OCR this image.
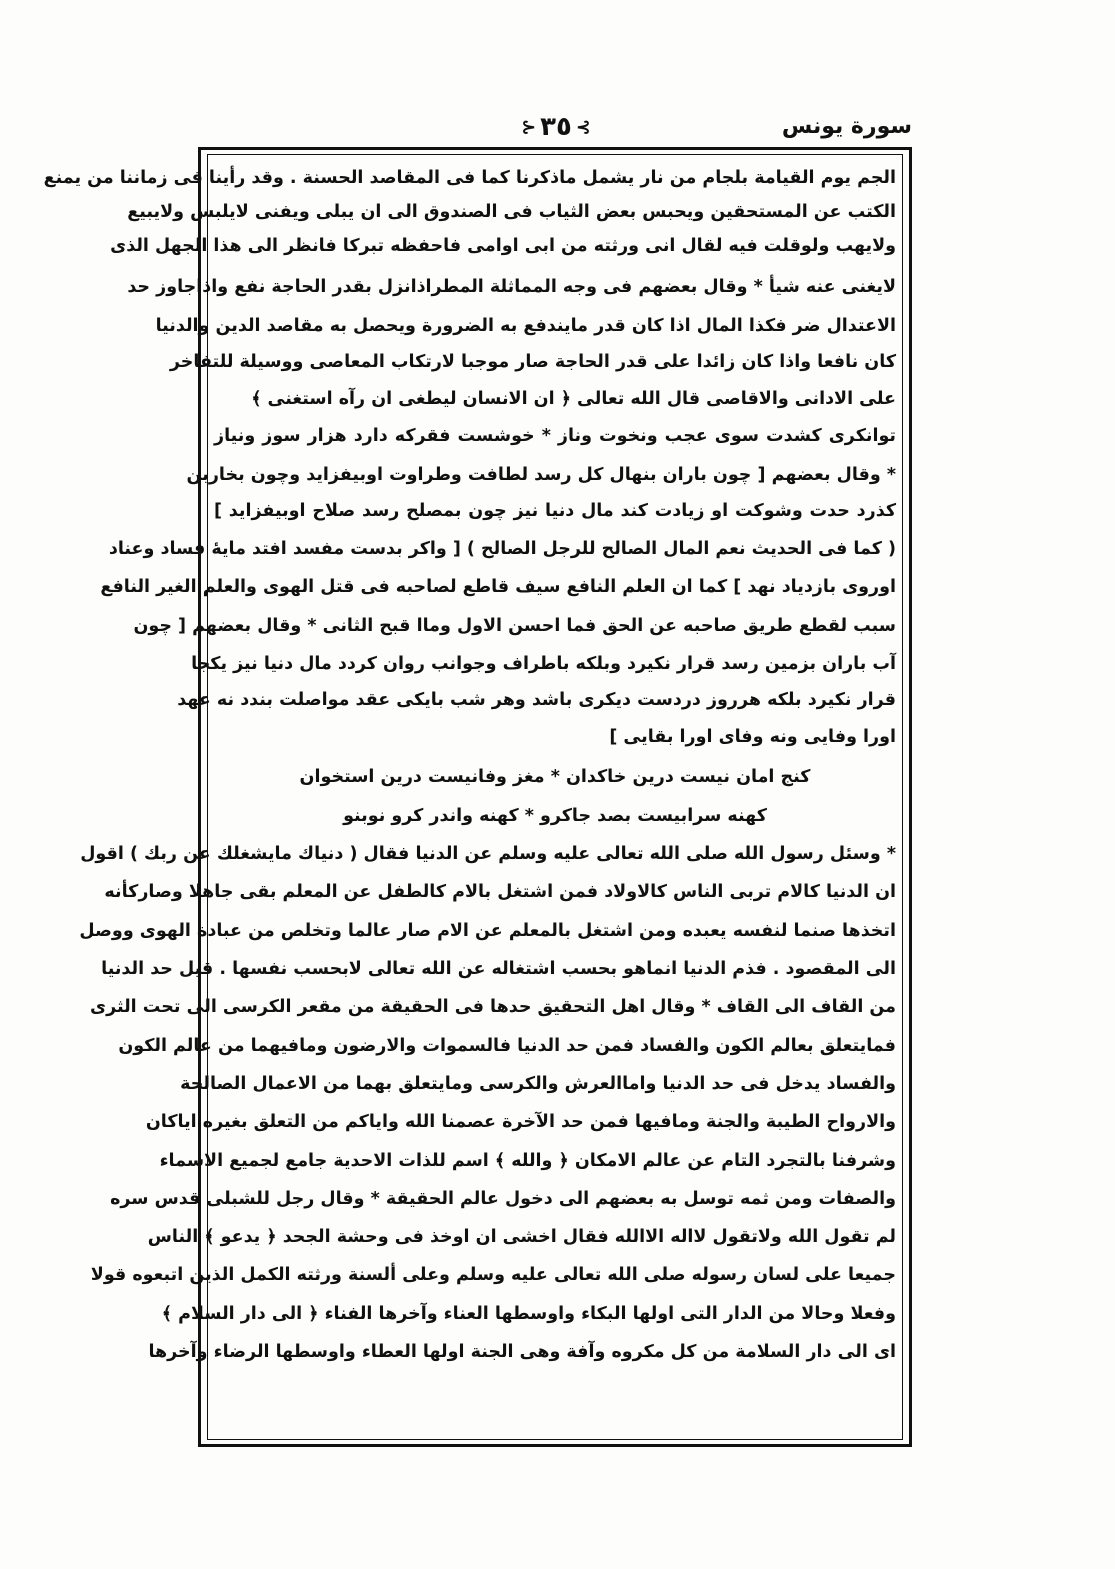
سورة يونس
⊱٣٥⊰
الجم يوم القيامة بلجام من نار يشمل ماذكرنا كما فى المقاصد الحسنة . وقد رأينا فى زماننا من يمنع
الكتب عن المستحقين ويحبس بعض الثياب فى الصندوق الى ان يبلى ويفنى لايلبس ولايبيع
ولايهب ولوقلت فيه لقال انى ورثته من ابى اوامى فاحفظه تبركا فانظر الى هذا الجهل الذى
لايغنى عنه شيأ * وقال بعضهم فى وجه المماثلة المطراذانزل بقدر الحاجة نفع واذاجاوز حد
الاعتدال ضر فكذا المال اذا كان قدر مايندفع به الضرورة ويحصل به مقاصد الدين والدنيا
كان نافعا واذا كان زائدا على قدر الحاجة صار موجبا لارتكاب المعاصى ووسيلة للتفاخر
على الادانى والاقاصى قال الله تعالى ﴿ ان الانسان ليطغى ان رآه استغنى ﴾
توانكرى كشدت سوى عجب ونخوت وناز * خوشست فقركه دارد هزار سوز ونياز
* وقال بعضهم [ چون باران بنهال كل رسد لطافت وطراوت اوبيفزايد وچون بخاربن
كذرد حدت وشوكت او زيادت كند مال دنيا نيز چون بمصلح رسد صلاح اوبيفزايد ]
( كما فى الحديث نعم المال الصالح للرجل الصالح ) [ واكر بدست مفسد افتد مايهٔ فساد وعناد
اوروى بازدياد نهد ] كما ان العلم النافع سيف قاطع لصاحبه فى قتل الهوى والعلم الغير النافع
سبب لقطع طريق صاحبه عن الحق فما احسن الاول وماا قبح الثانى * وقال بعضهم [ چون
آب باران بزمين رسد قرار نكيرد وبلكه باطراف وجوانب روان كردد مال دنيا نيز يكجا
قرار نكيرد بلكه هرروز دردست ديكرى باشد وهر شب بايكى عقد مواصلت بندد نه عهد
اورا وفايى ونه وفاى اورا بقايى ]
كنج امان نيست درين خاكدان * مغز وفانيست درين استخوان
كهنه سرابيست بصد جاكرو * كهنه واندر كرو نوبنو
* وسئل رسول الله صلى الله تعالى عليه وسلم عن الدنيا فقال ( دنياك مايشغلك عن ربك ) اقول
ان الدنيا كالام تربى الناس كالاولاد فمن اشتغل بالام كالطفل عن المعلم بقى جاهلا وصاركأنه
اتخذها صنما لنفسه يعبده ومن اشتغل بالمعلم عن الام صار عالما وتخلص من عبادة الهوى ووصل
الى المقصود . فذم الدنيا انماهو بحسب اشتغاله عن الله تعالى لابحسب نفسها . قيل حد الدنيا
من القاف الى القاف * وقال اهل التحقيق حدها فى الحقيقة من مقعر الكرسى الى تحت الثرى
فمايتعلق بعالم الكون والفساد فمن حد الدنيا فالسموات والارضون ومافيهما من عالم الكون
والفساد يدخل فى حد الدنيا واماالعرش والكرسى ومايتعلق بهما من الاعمال الصالحة
والارواح الطيبة والجنة ومافيها فمن حد الآخرة عصمنا الله واياكم من التعلق بغيره اياكان
وشرفنا بالتجرد التام عن عالم الامكان ﴿ والله ﴾ اسم للذات الاحدية جامع لجميع الاسماء
والصفات ومن ثمه توسل به بعضهم الى دخول عالم الحقيقة * وقال رجل للشبلى قدس سره
لم تقول الله ولاتقول لااله الاالله فقال اخشى ان اوخذ فى وحشة الجحد ﴿ يدعو ﴾ الناس
جميعا على لسان رسوله صلى الله تعالى عليه وسلم وعلى ألسنة ورثته الكمل الذين اتبعوه قولا
وفعلا وحالا من الدار التى اولها البكاء واوسطها العناء وآخرها الفناء ﴿ الى دار السلام ﴾
اى الى دار السلامة من كل مكروه وآفة وهى الجنة اولها العطاء واوسطها الرضاء وآخرها
